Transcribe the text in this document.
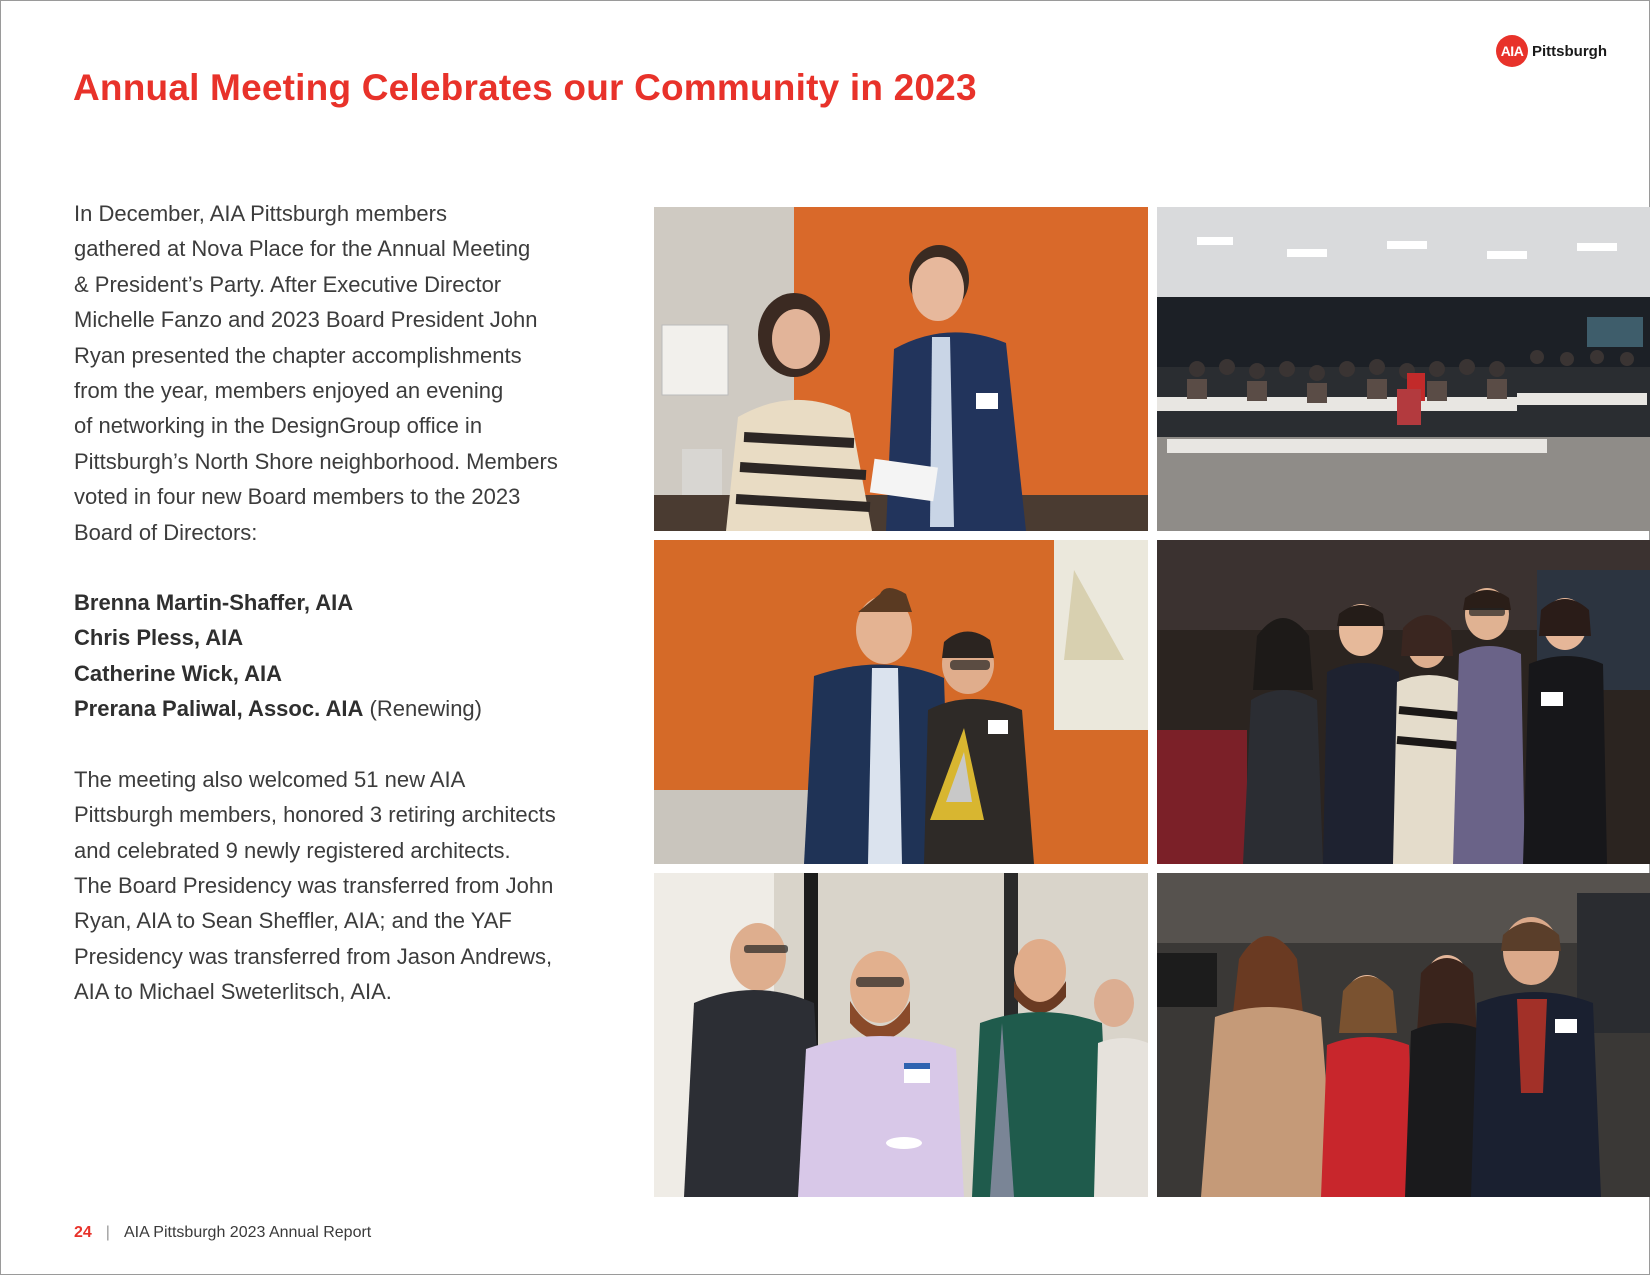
AIA Pittsburgh
Annual Meeting Celebrates our Community in 2023

In December, AIA Pittsburgh members

gathered at Nova Place for the Annual Meeting

& President’s Party. After Executive Director

Michelle Fanzo and 2023 Board President John

Ryan presented the chapter accomplishments

from the year, members enjoyed an evening

of networking in the DesignGroup office in

Pittsburgh’s North Shore neighborhood. Members

voted in four new Board members to the 2023

Board of Directors:

Brenna Martin-Shaffer, AIA

Chris Pless, AIA

Catherine Wick, AIA

Prerana Paliwal, Assoc. AIA (Renewing)

The meeting also welcomed 51 new AIA

Pittsburgh members, honored 3 retiring architects

and celebrated 9 newly registered architects.

The Board Presidency was transferred from John

Ryan, AIA to Sean Sheffler, AIA; and the YAF

Presidency was transferred from Jason Andrews,

AIA to Michael Sweterlitsch, AIA.

24 | AIA Pittsburgh 2023 Annual Report
